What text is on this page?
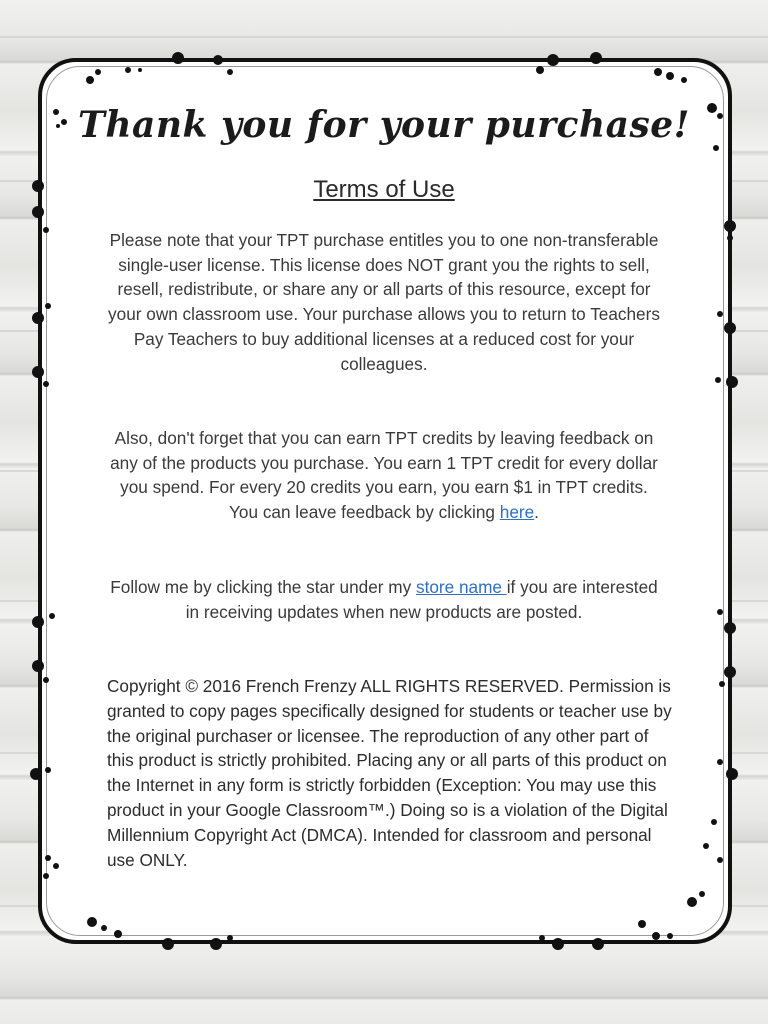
Thank you for your purchase!
Terms of Use
Please note that your TPT purchase entitles you to one non-transferable single-user license. This license does NOT grant you the rights to sell, resell, redistribute, or share any or all parts of this resource, except for your own classroom use. Your purchase allows you to return to Teachers Pay Teachers to buy additional licenses at a reduced cost for your colleagues.
Also, don't forget that you can earn TPT credits by leaving feedback on any of the products you purchase. You earn 1 TPT credit for every dollar you spend. For every 20 credits you earn, you earn $1 in TPT credits. You can leave feedback by clicking here.
Follow me by clicking the star under my store name if you are interested in receiving updates when new products are posted.
Copyright © 2016 French Frenzy ALL RIGHTS RESERVED. Permission is granted to copy pages specifically designed for students or teacher use by the original purchaser or licensee. The reproduction of any other part of this product is strictly prohibited. Placing any or all parts of this product on the Internet in any form is strictly forbidden (Exception: You may use this product in your Google Classroom™.) Doing so is a violation of the Digital Millennium Copyright Act (DMCA). Intended for classroom and personal use ONLY.
